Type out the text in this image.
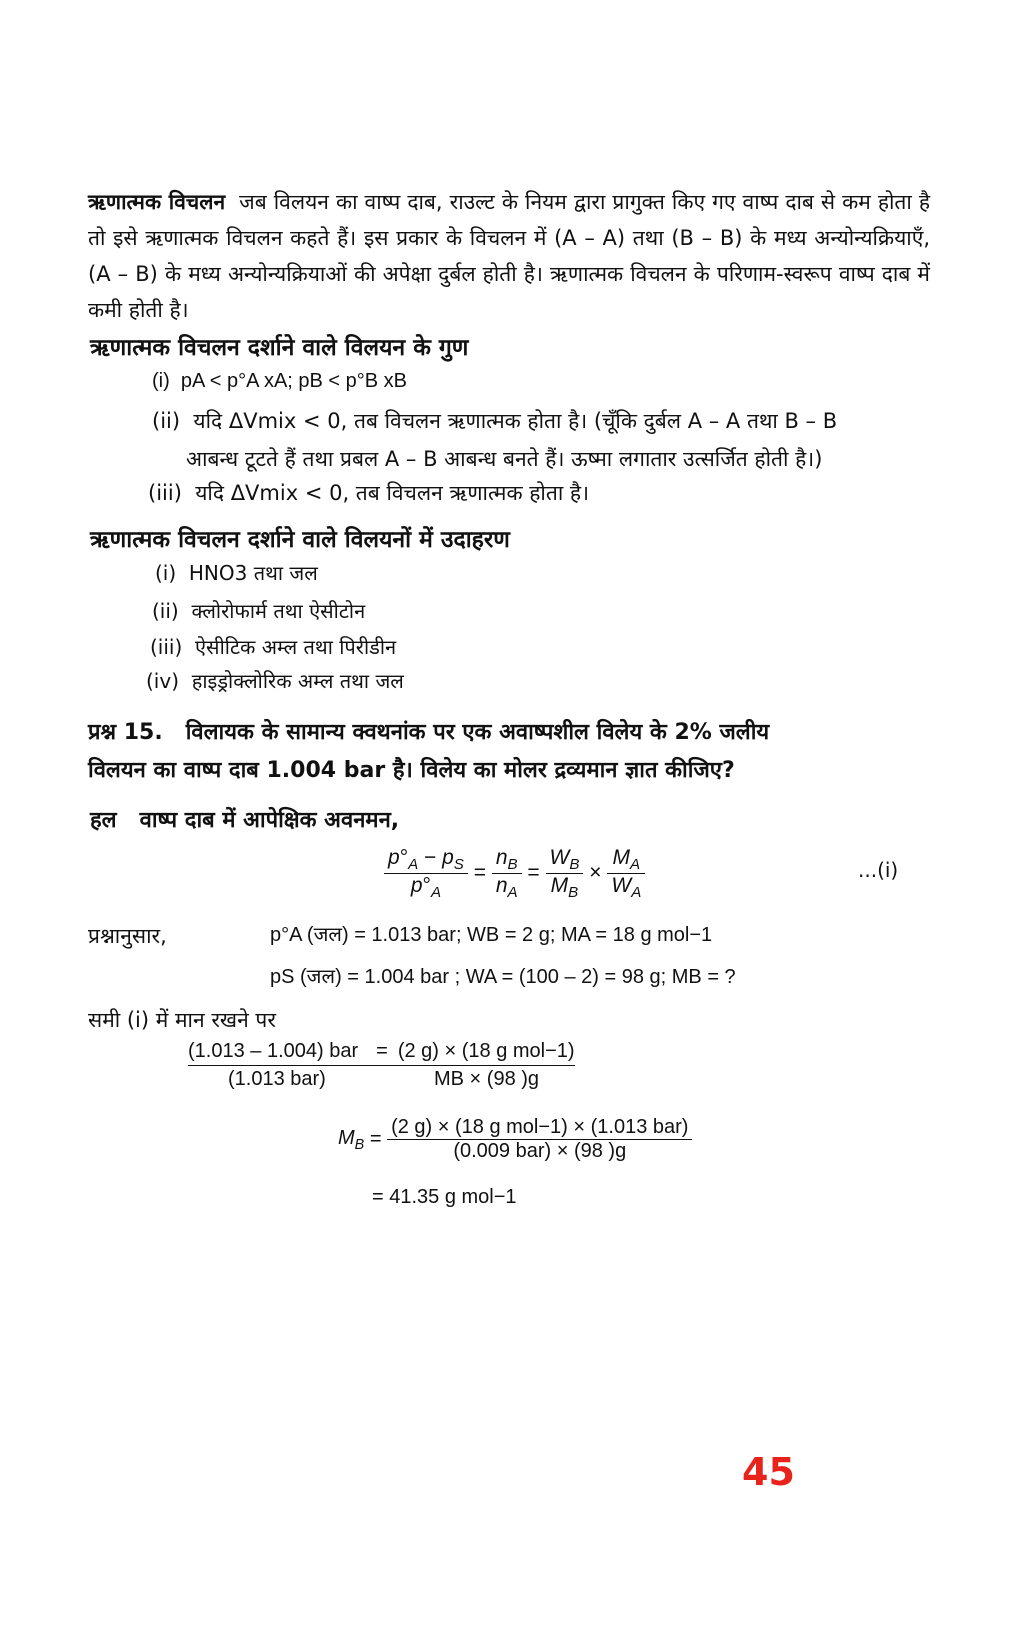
ऋणात्मक विचलन जब विलयन का वाष्प दाब, राउल्ट के नियम द्वारा प्रागुक्त किए गए वाष्प दाब से कम होता है तो इसे ऋणात्मक विचलन कहते हैं। इस प्रकार के विचलन में (A – A) तथा (B – B) के मध्य अन्योन्यक्रियाएँ, (A – B) के मध्य अन्योन्यक्रियाओं की अपेक्षा दुर्बल होती है। ऋणात्मक विचलन के परिणाम-स्वरूप वाष्प दाब में कमी होती है।
ऋणात्मक विचलन दर्शाने वाले विलयन के गुण
(i) pA < p°A xA; pB < p°B xB
(ii) यदि ΔVmix < 0, तब विचलन ऋणात्मक होता है। (चूँकि दुर्बल A – A तथा B – B
आबन्ध टूटते हैं तथा प्रबल A – B आबन्ध बनते हैं। ऊष्मा लगातार उत्सर्जित होती है।)
(iii) यदि ΔVmix < 0, तब विचलन ऋणात्मक होता है।
ऋणात्मक विचलन दर्शाने वाले विलयनों में उदाहरण
(i) HNO3 तथा जल
(ii) क्लोरोफार्म तथा ऐसीटोन
(iii) ऐसीटिक अम्ल तथा पिरीडीन
(iv) हाइड्रोक्लोरिक अम्ल तथा जल
प्रश्न 15. विलायक के सामान्य क्वथनांक पर एक अवाष्पशील विलेय के 2% जलीय
विलयन का वाष्प दाब 1.004 bar है। विलेय का मोलर द्रव्यमान ज्ञात कीजिए?
हल वाष्प दाब में आपेक्षिक अवनमन,
$\frac{p^\circ_A - p_S}{p^\circ_A} = \frac{n_B}{n_A} = \frac{W_B}{M_B} \times \frac{M_A}{W_A}$	...(i)
प्रश्नानुसार,	p°A (जल) = 1.013 bar; WB = 2 g; MA = 18 g mol−1
pS (जल) = 1.004 bar ; WA = (100 – 2) = 98 g; MB = ?
समी (i) में मान रखने पर
(1.013 – 1.004) bar = (2 g) × (18 g mol−1)
(1.013 bar)	MB × (98 )g
$M_B = \frac{\text{(2 g) × (18 g mol−1) × (1.013 bar)}}{\text{(0.009 bar) × (98 )g}}$
= 41.35 g mol−1
45
